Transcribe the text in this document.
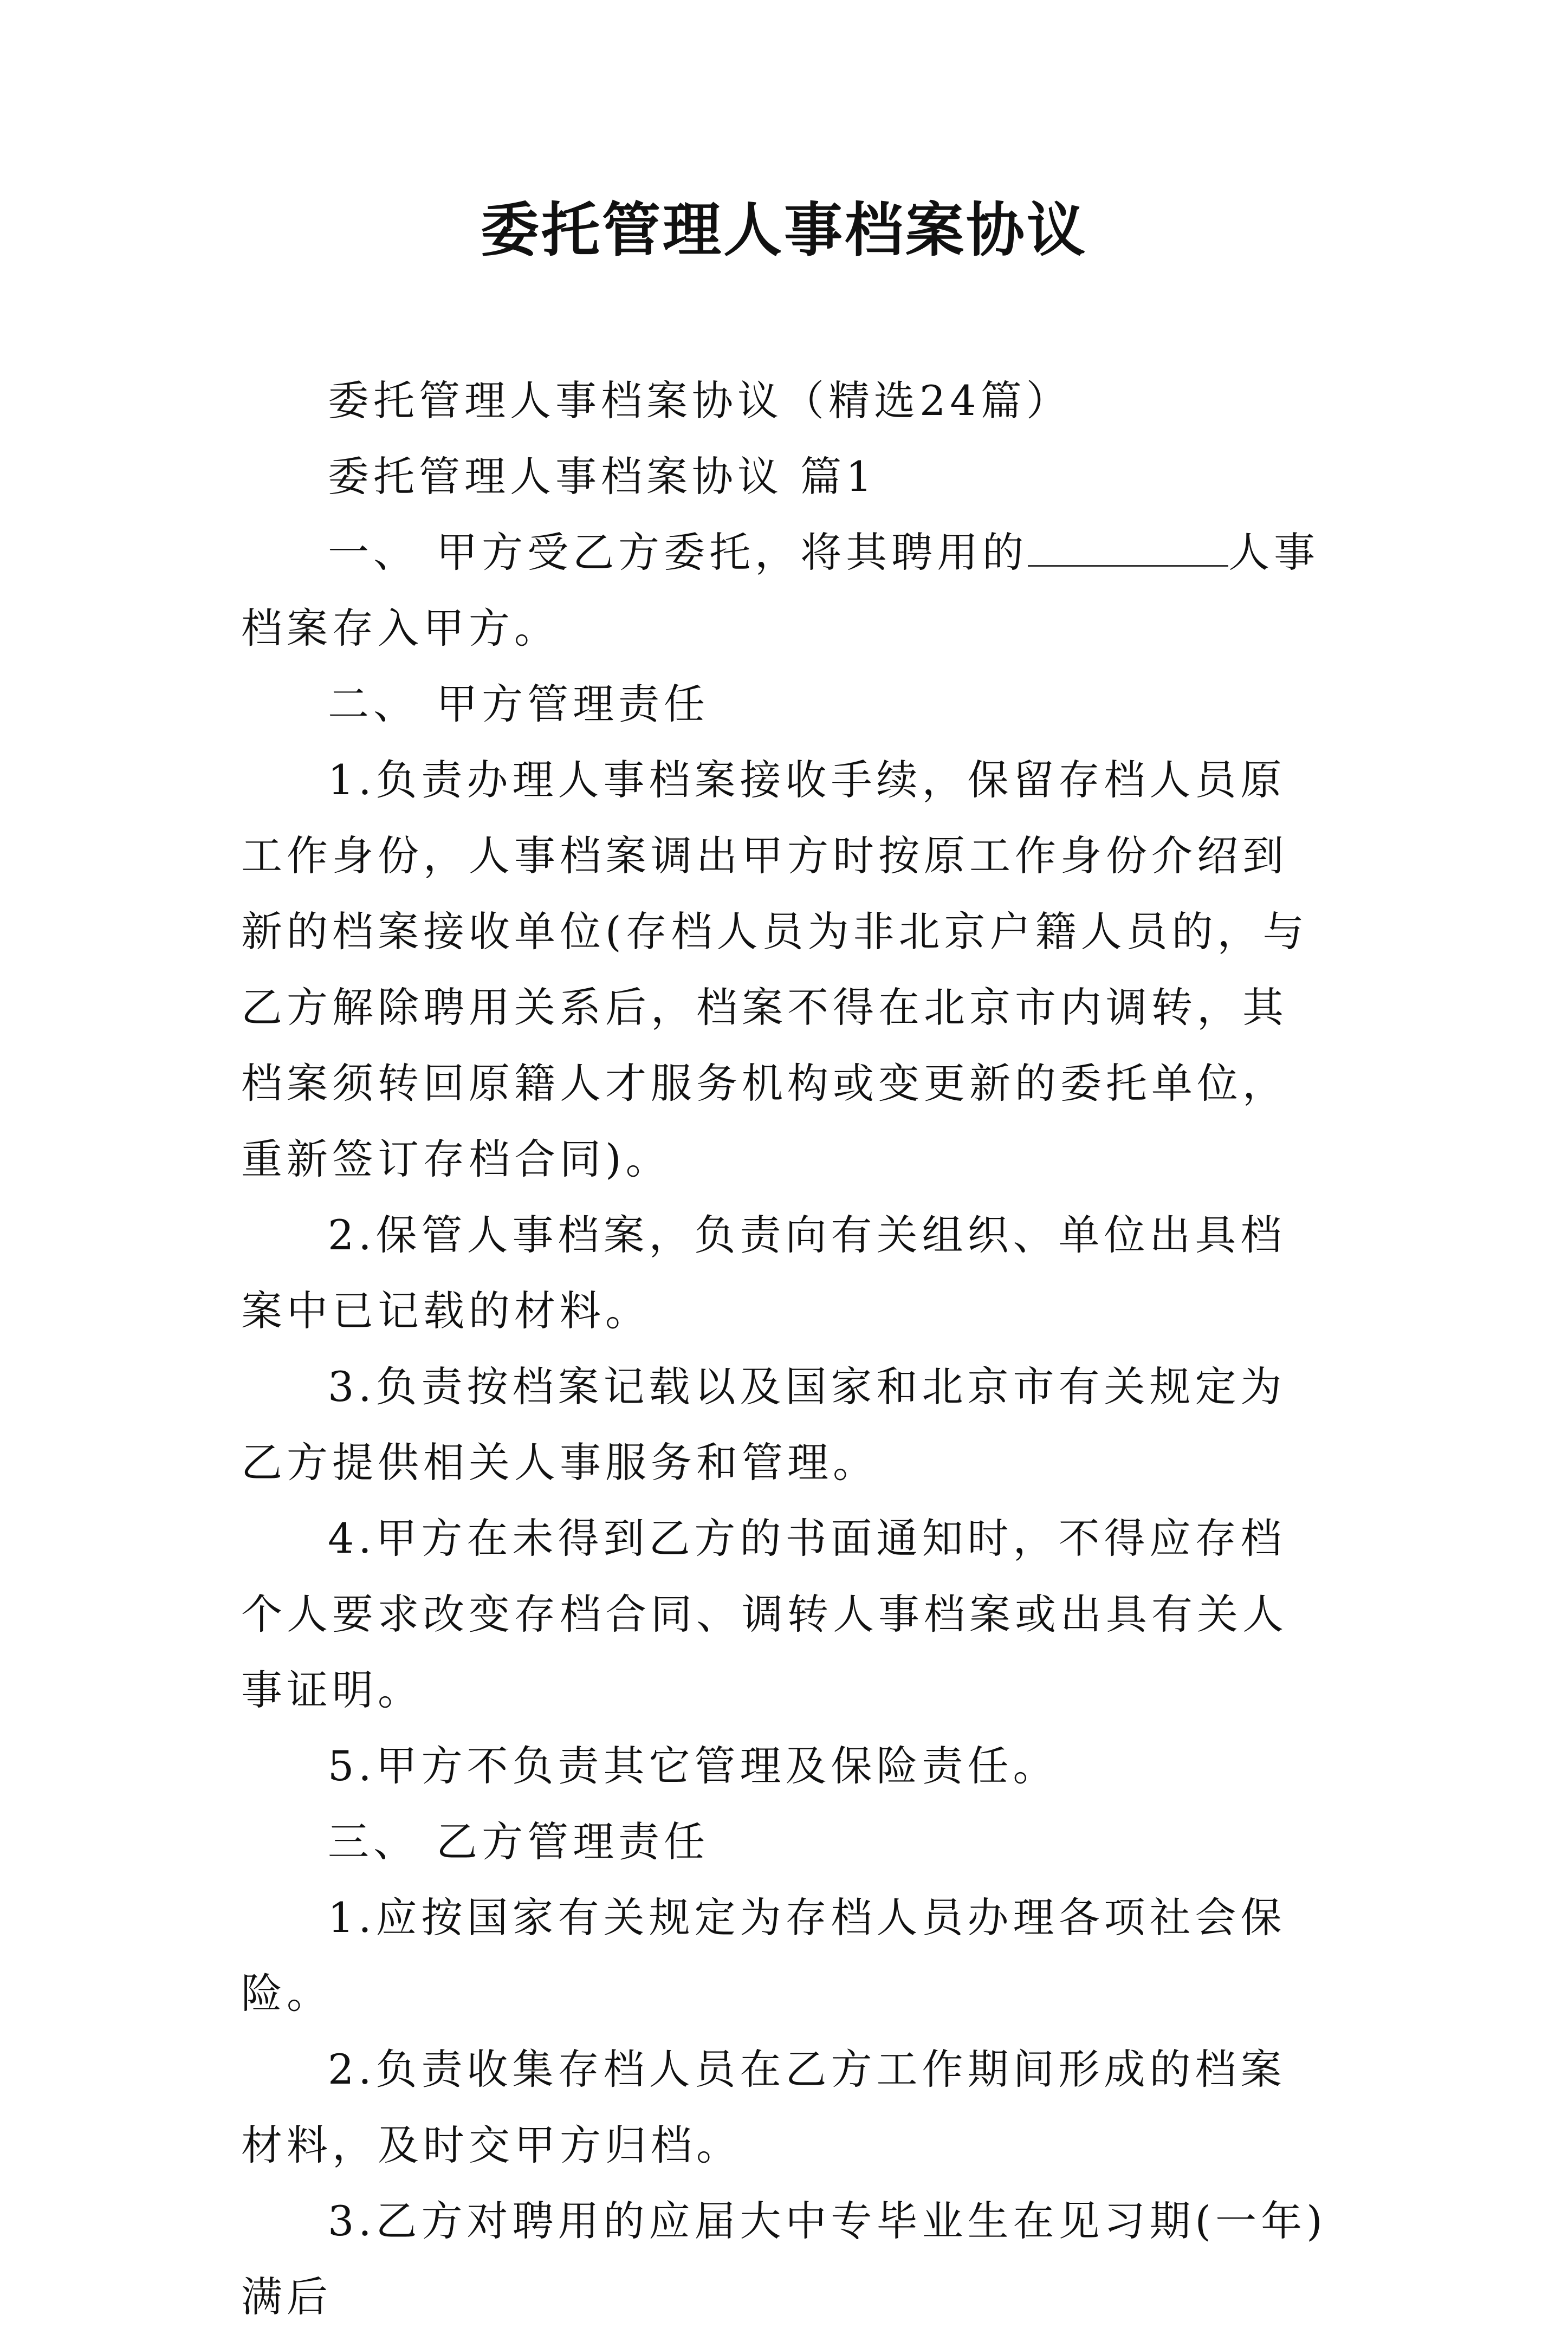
委托管理人事档案协议

委托管理人事档案协议（精选24篇）

委托管理人事档案协议 篇1

一、 甲方受乙方委托，将其聘用的	人事档案存入甲方。

二、 甲方管理责任

1.负责办理人事档案接收手续，保留存档人员原工作身份，人事档案调出甲方时按原工作身份介绍到新的档案接收单位(存档人员为非北京户籍人员的，与乙方解除聘用关系后，档案不得在北京市内调转，其档案须转回原籍人才服务机构或变更新的委托单位，重新签订存档合同)。

2.保管人事档案，负责向有关组织、单位出具档案中已记载的材料。

3.负责按档案记载以及国家和北京市有关规定为乙方提供相关人事服务和管理。

4.甲方在未得到乙方的书面通知时，不得应存档个人要求改变存档合同、调转人事档案或出具有关人事证明。

5.甲方不负责其它管理及保险责任。

三、 乙方管理责任

1.应按国家有关规定为存档人员办理各项社会保险。

2.负责收集存档人员在乙方工作期间形成的档案材料，及时交甲方归档。

3.乙方对聘用的应届大中专毕业生在见习期(一年)满后
